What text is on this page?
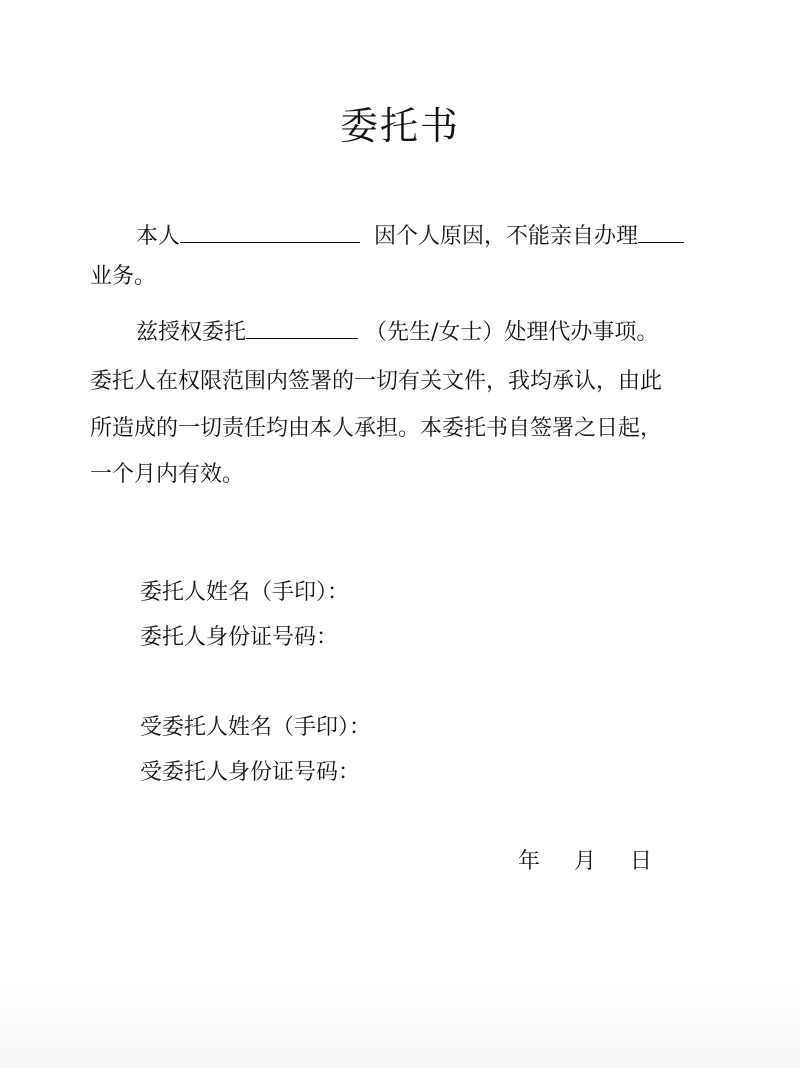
委托书
本人	因个人原因，不能亲自办理
业务。
兹授权委托	（先生/女士）处理代办事项。
委托人在权限范围内签署的一切有关文件，我均承认，由此
所造成的一切责任均由本人承担。本委托书自签署之日起，
一个月内有效。
委托人姓名（手印）：
委托人身份证号码：
受委托人姓名（手印）：
受委托人身份证号码：
年 月 日
